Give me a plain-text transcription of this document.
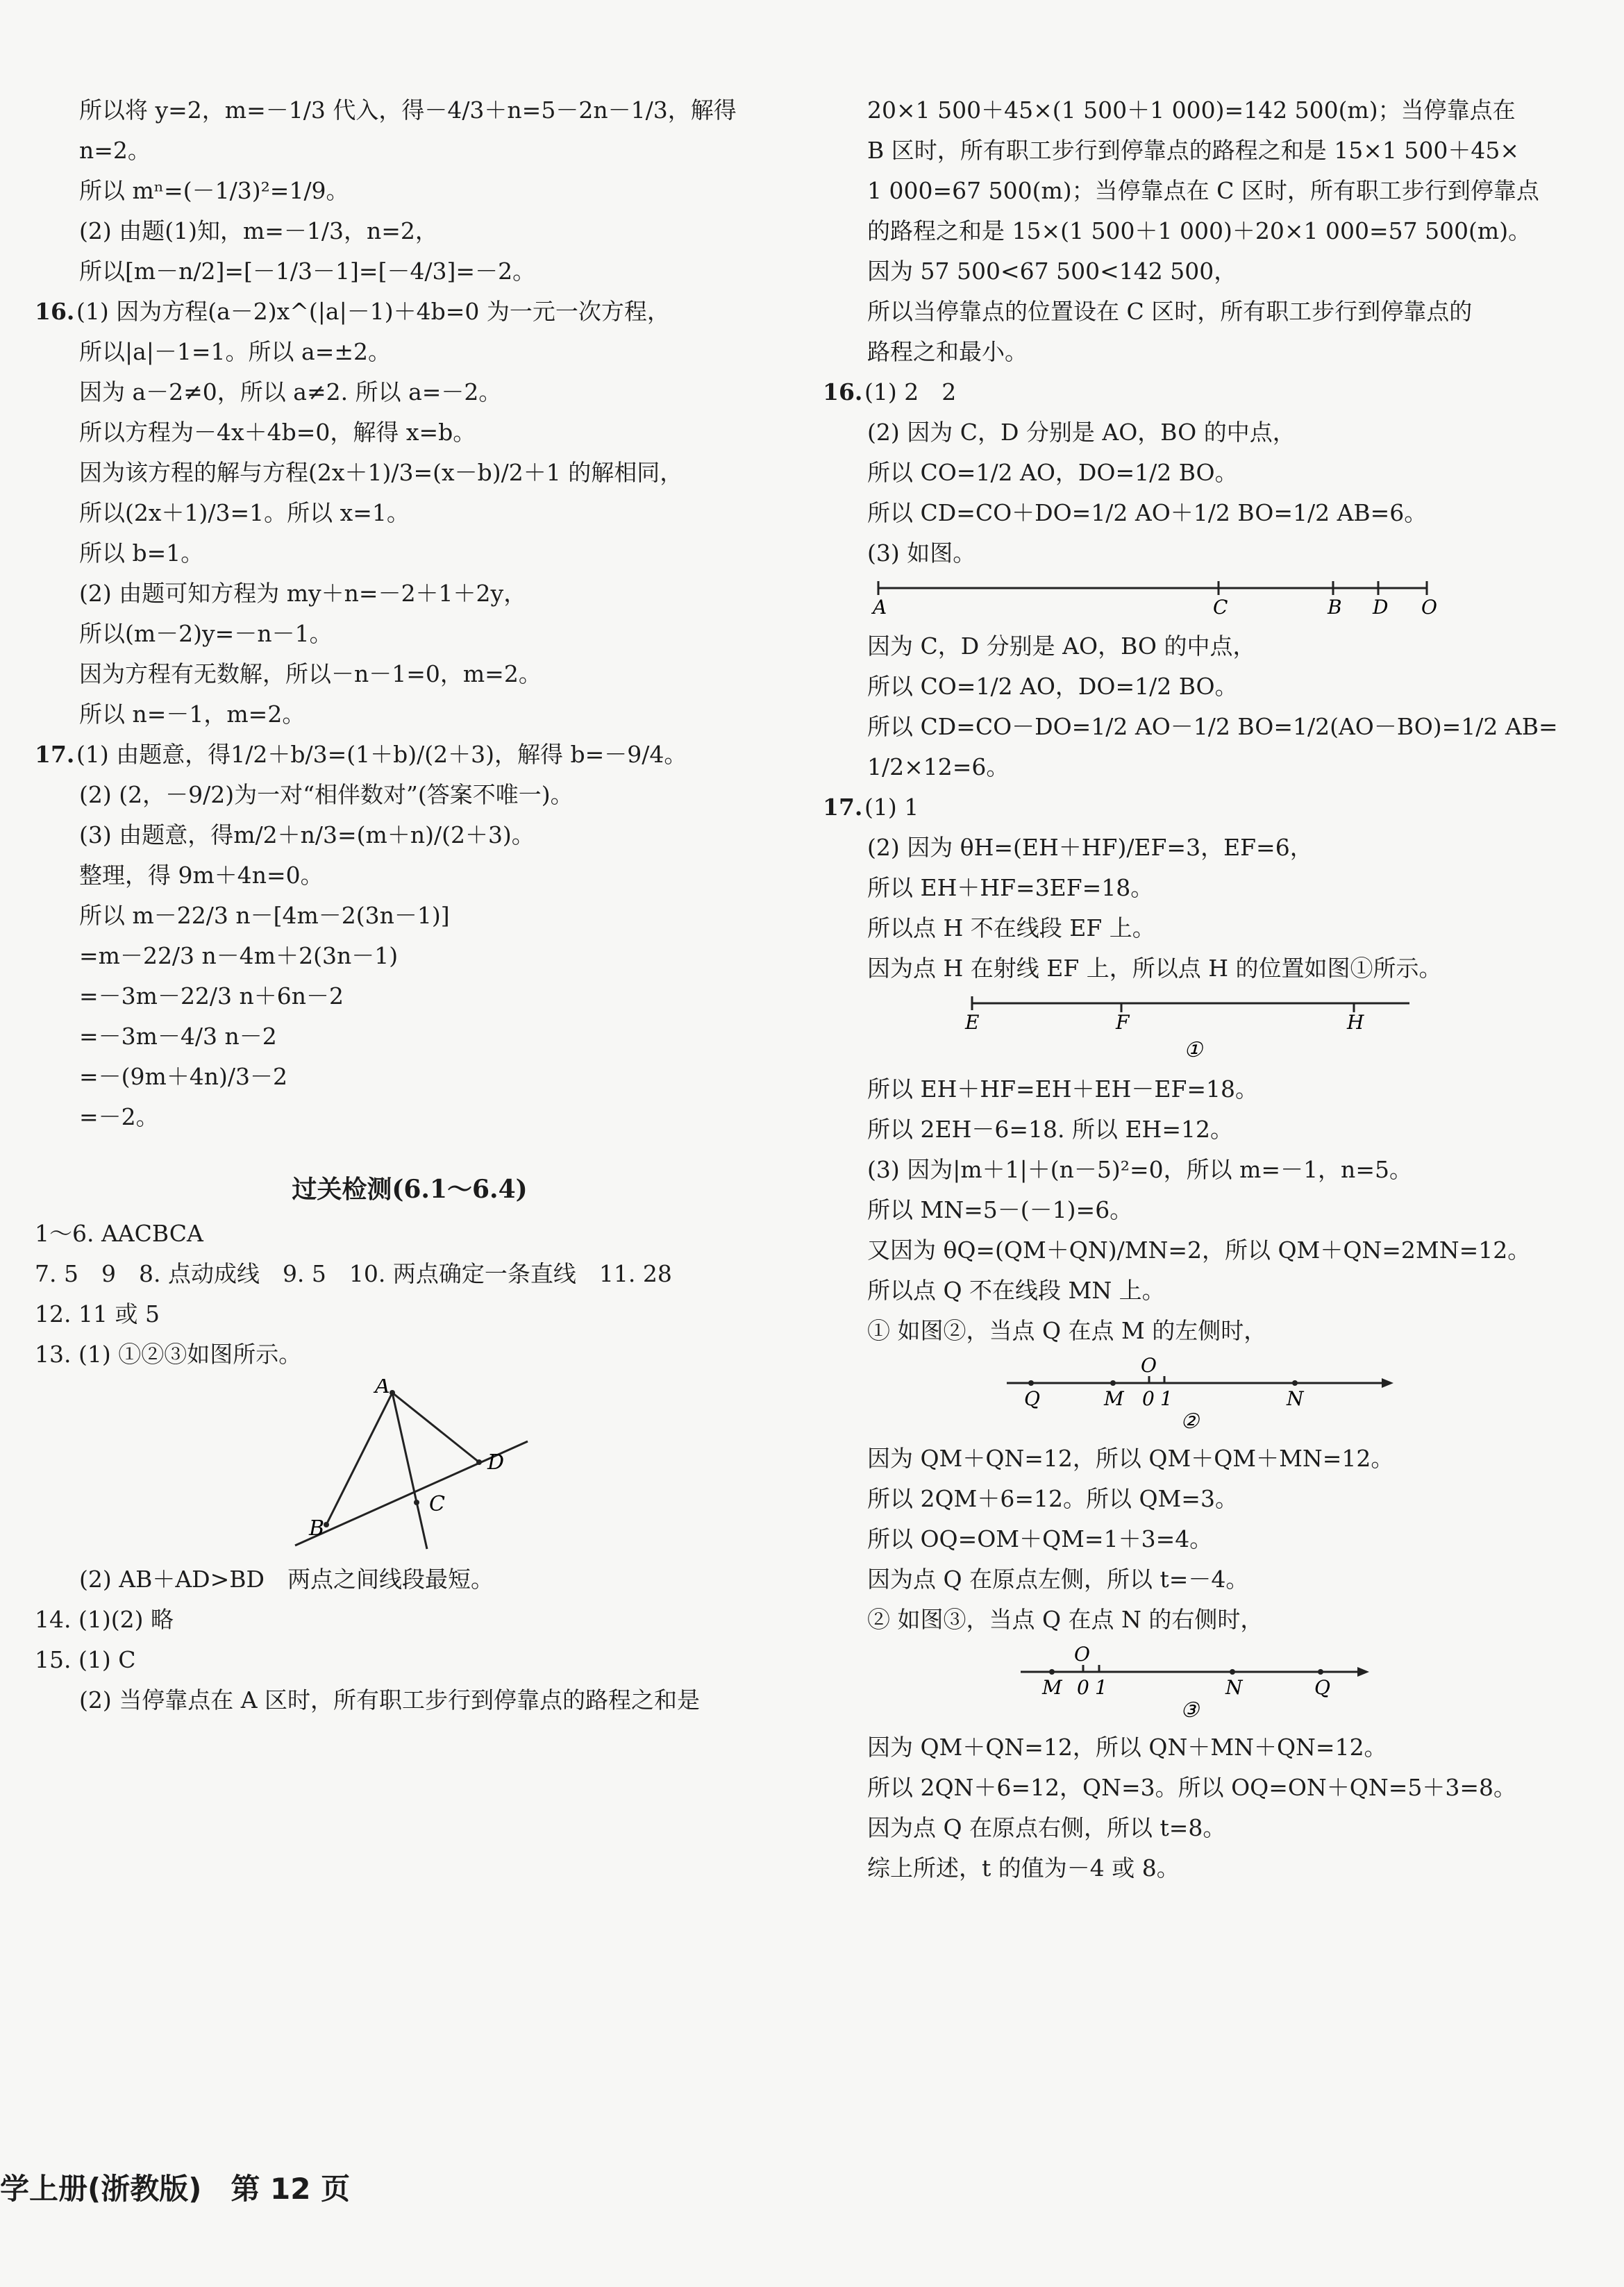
所以将 y=2，m=－1/3 代入，得－4/3＋n=5－2n－1/3，解得
n=2。
所以 mⁿ=(－1/3)²=1/9。
(2) 由题(1)知，m=－1/3，n=2，
所以[m－n/2]=[－1/3－1]=[－4/3]=－2。
16.(1) 因为方程(a－2)x^(|a|－1)＋4b=0 为一元一次方程，
所以|a|－1=1。所以 a=±2。
因为 a－2≠0，所以 a≠2. 所以 a=－2。
所以方程为－4x＋4b=0，解得 x=b。
因为该方程的解与方程(2x＋1)/3=(x－b)/2＋1 的解相同，
所以(2x＋1)/3=1。所以 x=1。
所以 b=1。
(2) 由题可知方程为 my＋n=－2＋1＋2y，
所以(m－2)y=－n－1。
因为方程有无数解，所以－n－1=0，m=2。
所以 n=－1，m=2。
17.(1) 由题意，得1/2＋b/3=(1＋b)/(2＋3)，解得 b=－9/4。
(2) (2，－9/2)为一对“相伴数对”(答案不唯一)。
(3) 由题意，得m/2＋n/3=(m＋n)/(2＋3)。
整理，得 9m＋4n=0。
所以 m－22/3 n－[4m－2(3n－1)]
=m－22/3 n－4m＋2(3n－1)
=－3m－22/3 n＋6n－2
=－3m－4/3 n－2
=－(9m＋4n)/3－2
=－2。
过关检测(6.1～6.4)
1～6. AACBCA
7. 5　9　8. 点动成线　9. 5　10. 两点确定一条直线　11. 28
12. 11 或 5
13. (1) ①②③如图所示。
A
B
C
D
(2) AB＋AD>BD　两点之间线段最短。
14. (1)(2) 略
15. (1) C
(2) 当停靠点在 A 区时，所有职工步行到停靠点的路程之和是
20×1 500＋45×(1 500＋1 000)=142 500(m)；当停靠点在
B 区时，所有职工步行到停靠点的路程之和是 15×1 500＋45×
1 000=67 500(m)；当停靠点在 C 区时，所有职工步行到停靠点
的路程之和是 15×(1 500＋1 000)＋20×1 000=57 500(m)。
因为 57 500<67 500<142 500，
所以当停靠点的位置设在 C 区时，所有职工步行到停靠点的
路程之和最小。
16.(1) 2　2
(2) 因为 C，D 分别是 AO，BO 的中点，
所以 CO=1/2 AO，DO=1/2 BO。
所以 CD=CO＋DO=1/2 AO＋1/2 BO=1/2 AB=6。
(3) 如图。
A	C	B D O
因为 C，D 分别是 AO，BO 的中点，
所以 CO=1/2 AO，DO=1/2 BO。
所以 CD=CO－DO=1/2 AO－1/2 BO=1/2(AO－BO)=1/2 AB=
1/2×12=6。
17.(1) 1
(2) 因为 θH=(EH＋HF)/EF=3，EF=6，
所以 EH＋HF=3EF=18。
所以点 H 不在线段 EF 上。
因为点 H 在射线 EF 上，所以点 H 的位置如图①所示。
E	F	H
①
所以 EH＋HF=EH＋EH－EF=18。
所以 2EH－6=18. 所以 EH=12。
(3) 因为|m＋1|＋(n－5)²=0，所以 m=－1，n=5。
所以 MN=5－(－1)=6。
又因为 θQ=(QM＋QN)/MN=2，所以 QM＋QN=2MN=12。
所以点 Q 不在线段 MN 上。
① 如图②，当点 Q 在点 M 的左侧时，
O
Q	M 0 1	N
②
因为 QM＋QN=12，所以 QM＋QM＋MN=12。
所以 2QM＋6=12。所以 QM=3。
所以 OQ=OM＋QM=1＋3=4。
因为点 Q 在原点左侧，所以 t=－4。
② 如图③，当点 Q 在点 N 的右侧时，
O
M 0 1	N	Q
③
因为 QM＋QN=12，所以 QN＋MN＋QN=12。
所以 2QN＋6=12，QN=3。所以 OQ=ON＋QN=5＋3=8。
因为点 Q 在原点右侧，所以 t=8。
综上所述，t 的值为－4 或 8。
学上册(浙教版)　第 12 页
